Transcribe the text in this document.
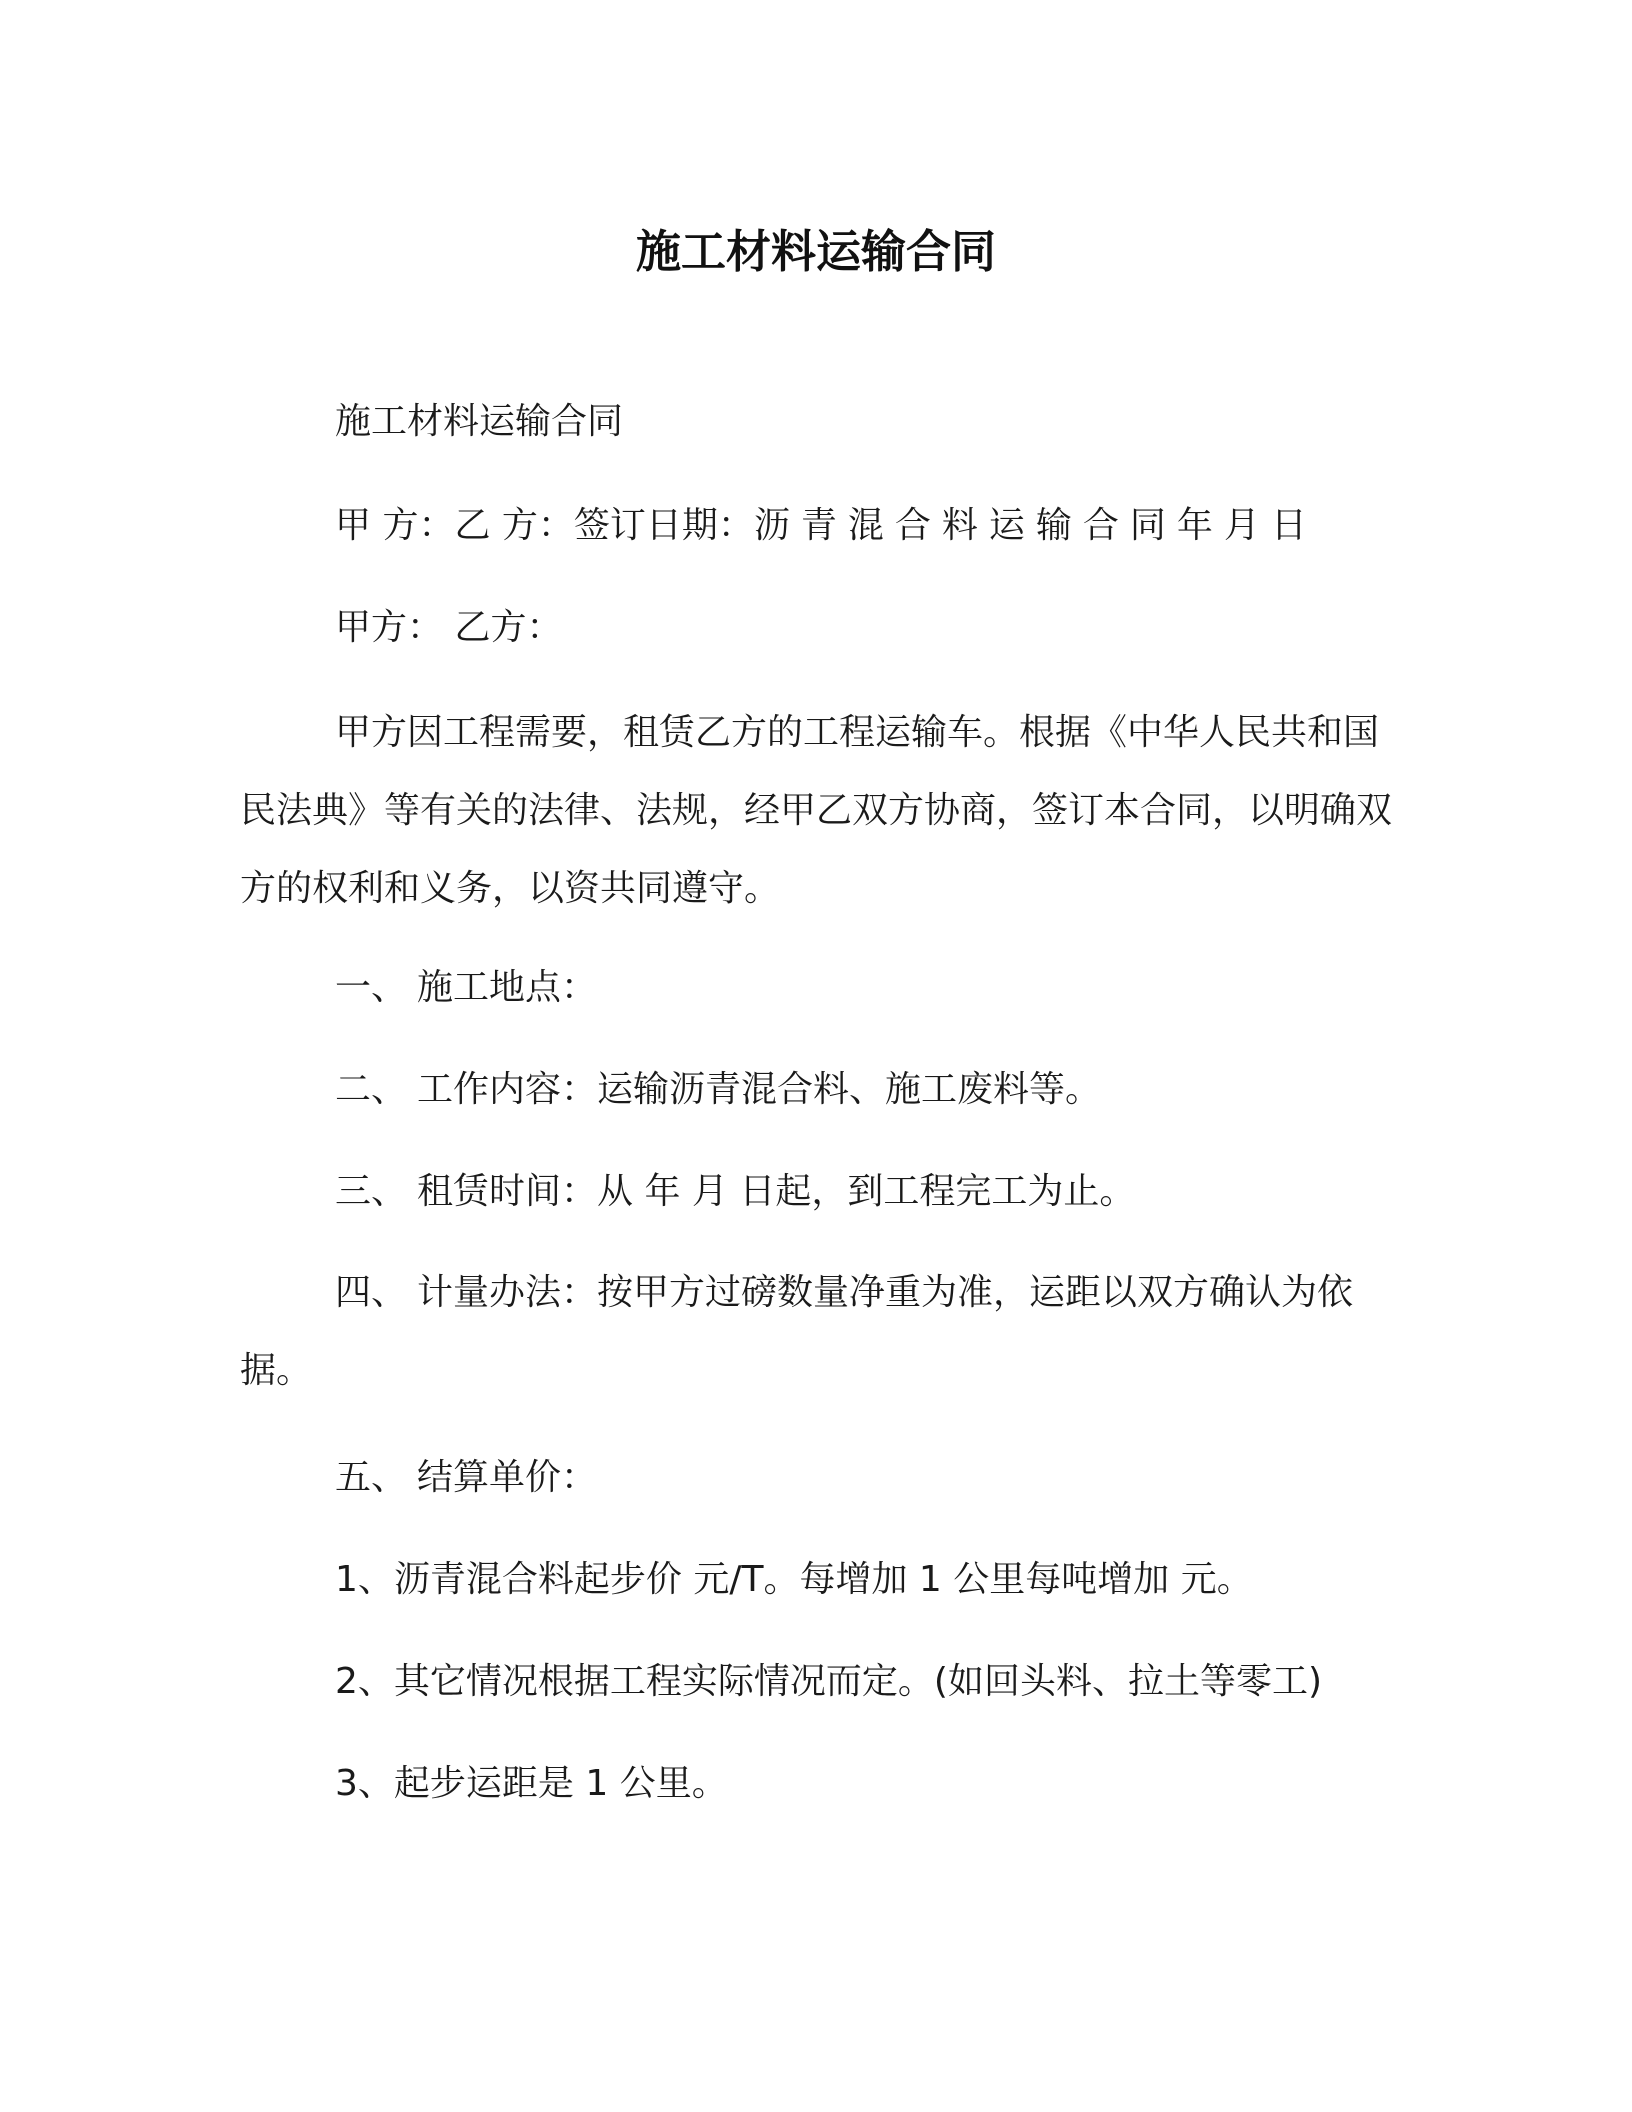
施工材料运输合同
施工材料运输合同
甲 方：乙 方：签订日期：沥青混合料运输合同年月日
甲方： 乙方：

甲方因工程需要，租赁乙方的工程运输车。根据《中华人民共和国民法典》等有关的法律、法规，经甲乙双方协商，签订本合同，以明确双方的权利和义务，以资共同遵守。

一、 施工地点：
二、 工作内容：运输沥青混合料、施工废料等。
三、 租赁时间：从 年 月 日起，到工程完工为止。

四、 计量办法：按甲方过磅数量净重为准，运距以双方确认为依据。

五、 结算单价：
1、沥青混合料起步价 元/T。每增加 1 公里每吨增加 元。
2、其它情况根据工程实际情况而定。(如回头料、拉土等零工)
3、起步运距是 1 公里。
